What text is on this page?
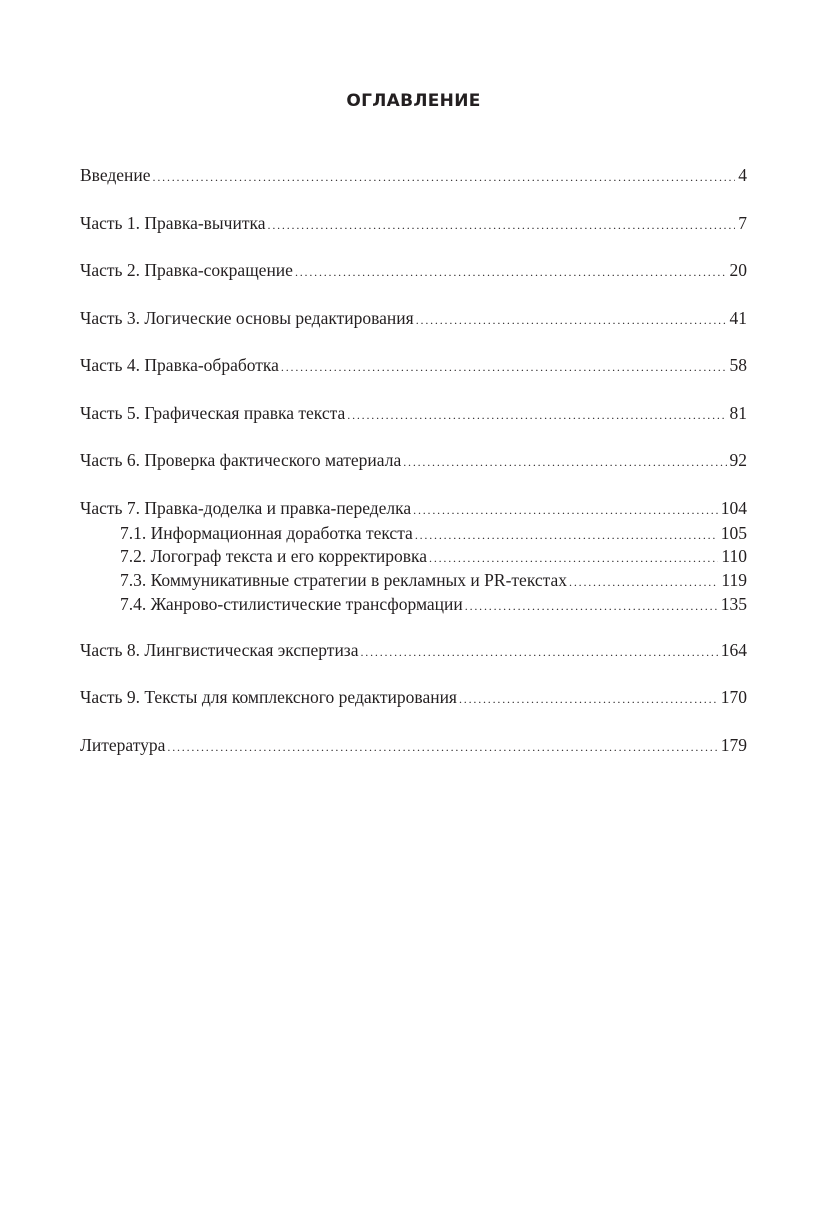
ОГЛАВЛЕНИЕ
Введение .....	4
Часть 1. Правка-вычитка .....	7
Часть 2. Правка-сокращение .....	20
Часть 3. Логические основы редактирования .....	41
Часть 4. Правка-обработка .....	58
Часть 5. Графическая правка текста .....	81
Часть 6. Проверка фактического материала .....	92
Часть 7. Правка-доделка и правка-переделка .....	104
7.1. Информационная доработка текста .....	105
7.2. Логограф текста и его корректировка .....	110
7.3. Коммуникативные стратегии в рекламных и PR-текстах .....	119
7.4. Жанрово-стилистические трансформации .....	135
Часть 8. Лингвистическая экспертиза .....	164
Часть 9. Тексты для комплексного редактирования .....	170
Литература .....	179
